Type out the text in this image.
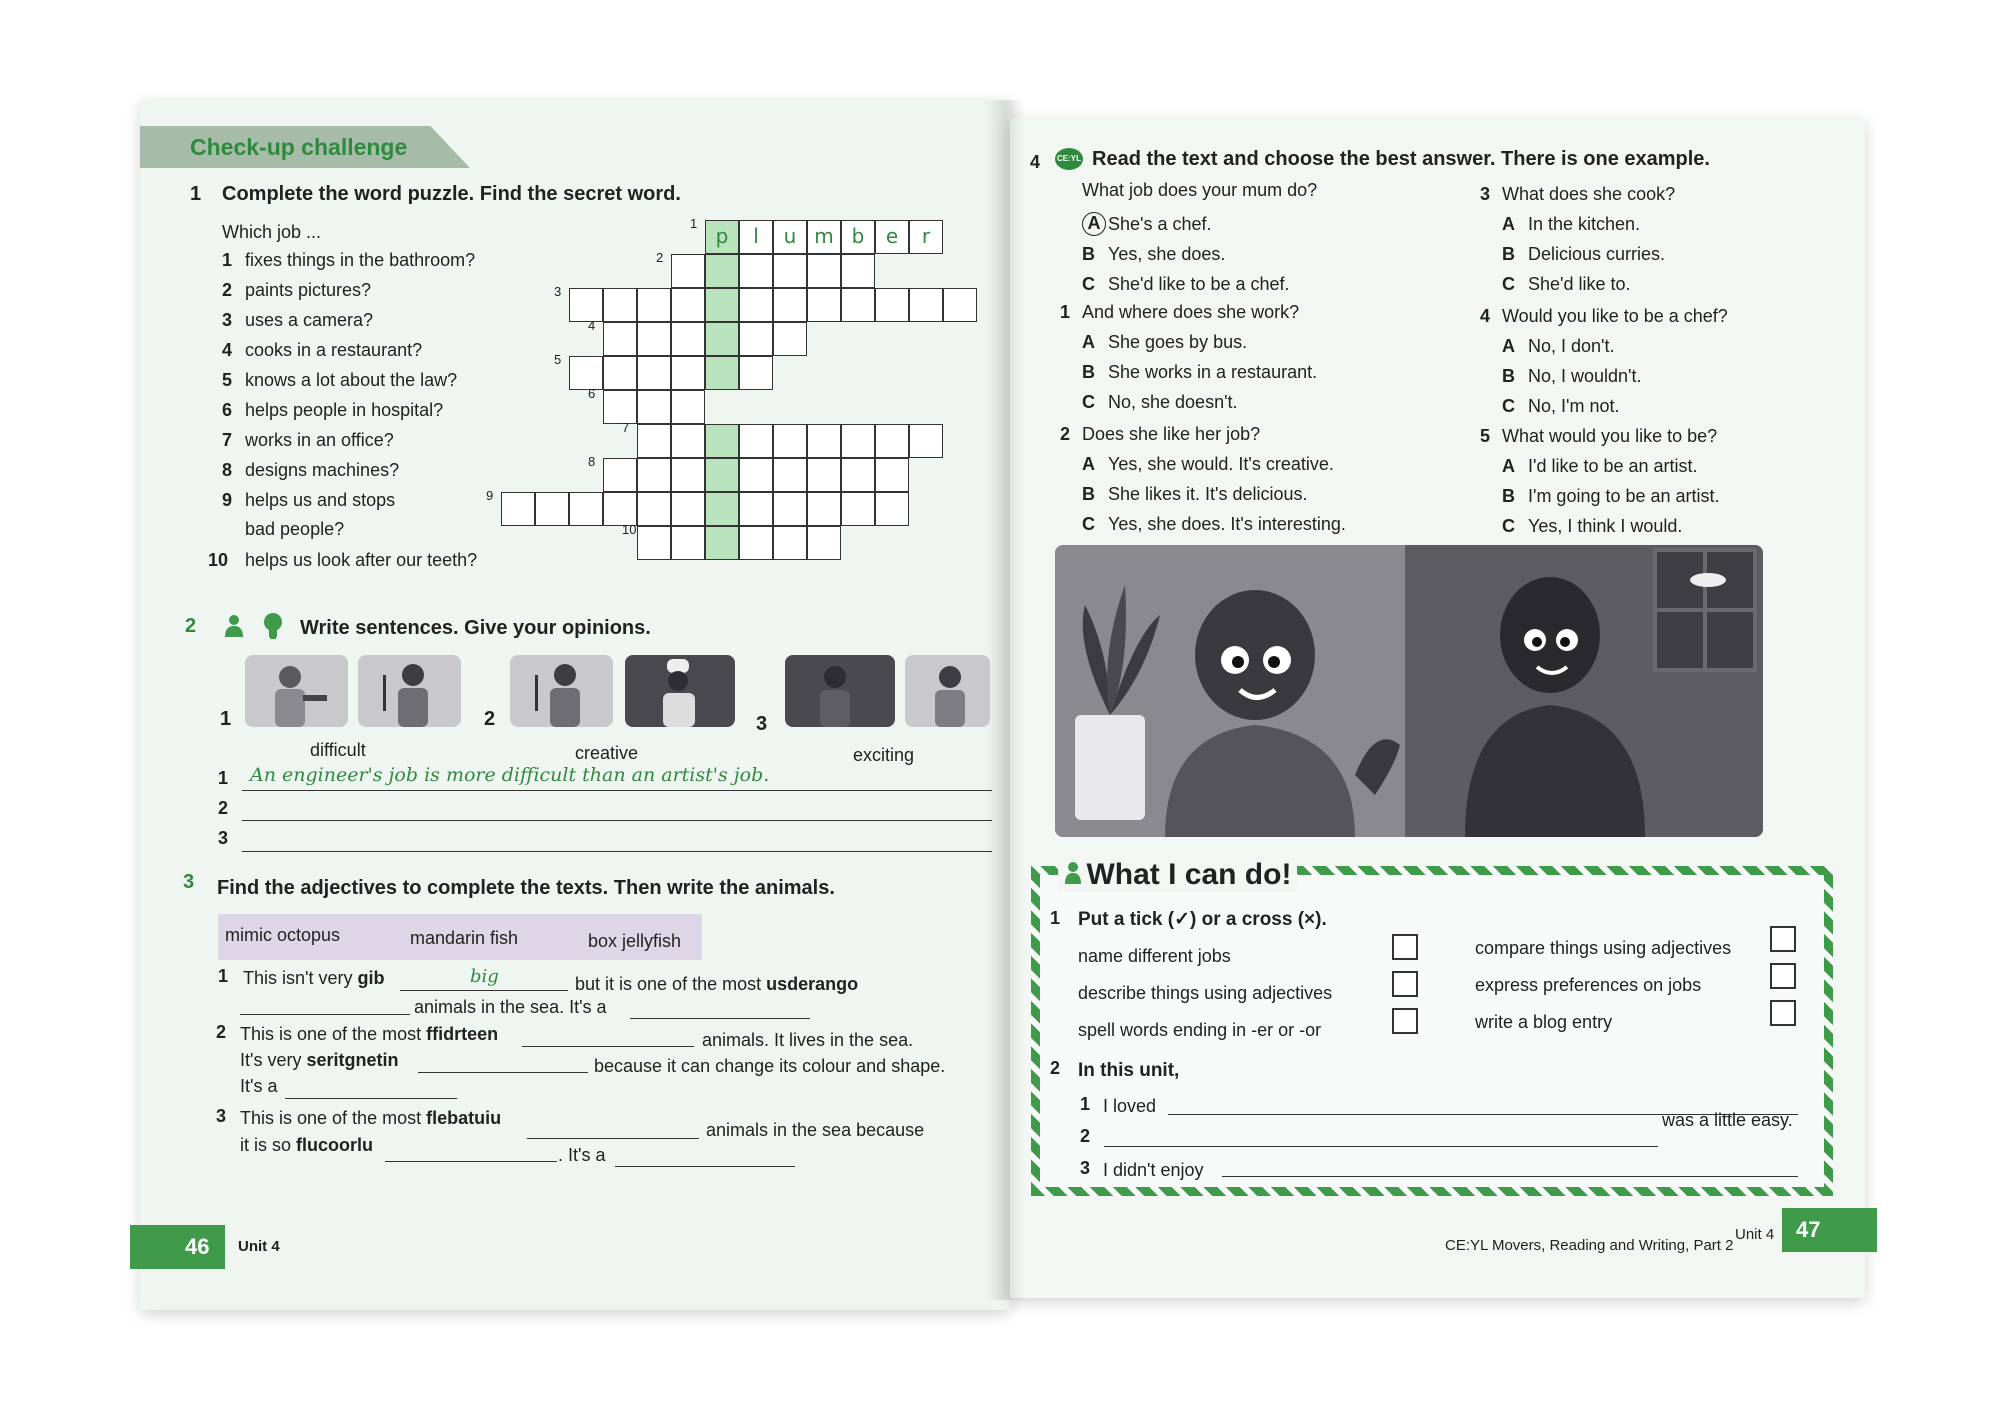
Check-up challenge
1 Complete the word puzzle. Find the secret word.
Which job ...
1 fixes things in the bathroom?
2 paints pictures?
3 uses a camera?
4 cooks in a restaurant?
5 knows a lot about the law?
6 helps people in hospital?
7 works in an office?
8 designs machines?
9 helps us and stops
10 helps us look after our teeth?
bad people?
p	l	u m b	e	r
1
2
3
4
5
6
7
8
9
10
2	Write sentences. Give your opinions.
1	2	3
difficult	creative	exciting
1 An engineer's job is more difficult than an artist's job.
2
3
3 Find the adjectives to complete the texts. Then write the animals.
mimic octopus	mandarin fish	box jellyfish
1 This isn't very gib	big	but it is one of the most usderango
animals in the sea. It's a
2 This is one of the most ffidrteen	animals. It lives in the sea.
It's very seritgnetin	because it can change its colour and shape.
It's a
3 This is one of the most flebatuiu
animals in the sea because
it is so flucoorlu	. It's a
46	Unit 4
4 CE:YL Read the text and choose the best answer. There is one example.
What job does your mum do?
A She's a chef.
B Yes, she does.
C She'd like to be a chef.
1 And where does she work?
A She goes by bus.
B She works in a restaurant.
C No, she doesn't.
2 Does she like her job?
A Yes, she would. It's creative.
B She likes it. It's delicious.
C Yes, she does. It's interesting.
3 What does she cook?
A In the kitchen.
B Delicious curries.
C She'd like to.
4 Would you like to be a chef?
A No, I don't.
B No, I wouldn't.
C No, I'm not.
5 What would you like to be?
A I'd like to be an artist.
B I'm going to be an artist.
C Yes, I think I would.
What I can do!
1 Put a tick (✓) or a cross (×).
name different jobs
describe things using adjectives
spell words ending in -er or -or
compare things using adjectives
express preferences on jobs
write a blog entry
2 In this unit,
1 I loved
2
was a little easy.
3 I didn't enjoy
CE:YL Movers, Reading and Writing, Part 2
Unit 4 47
